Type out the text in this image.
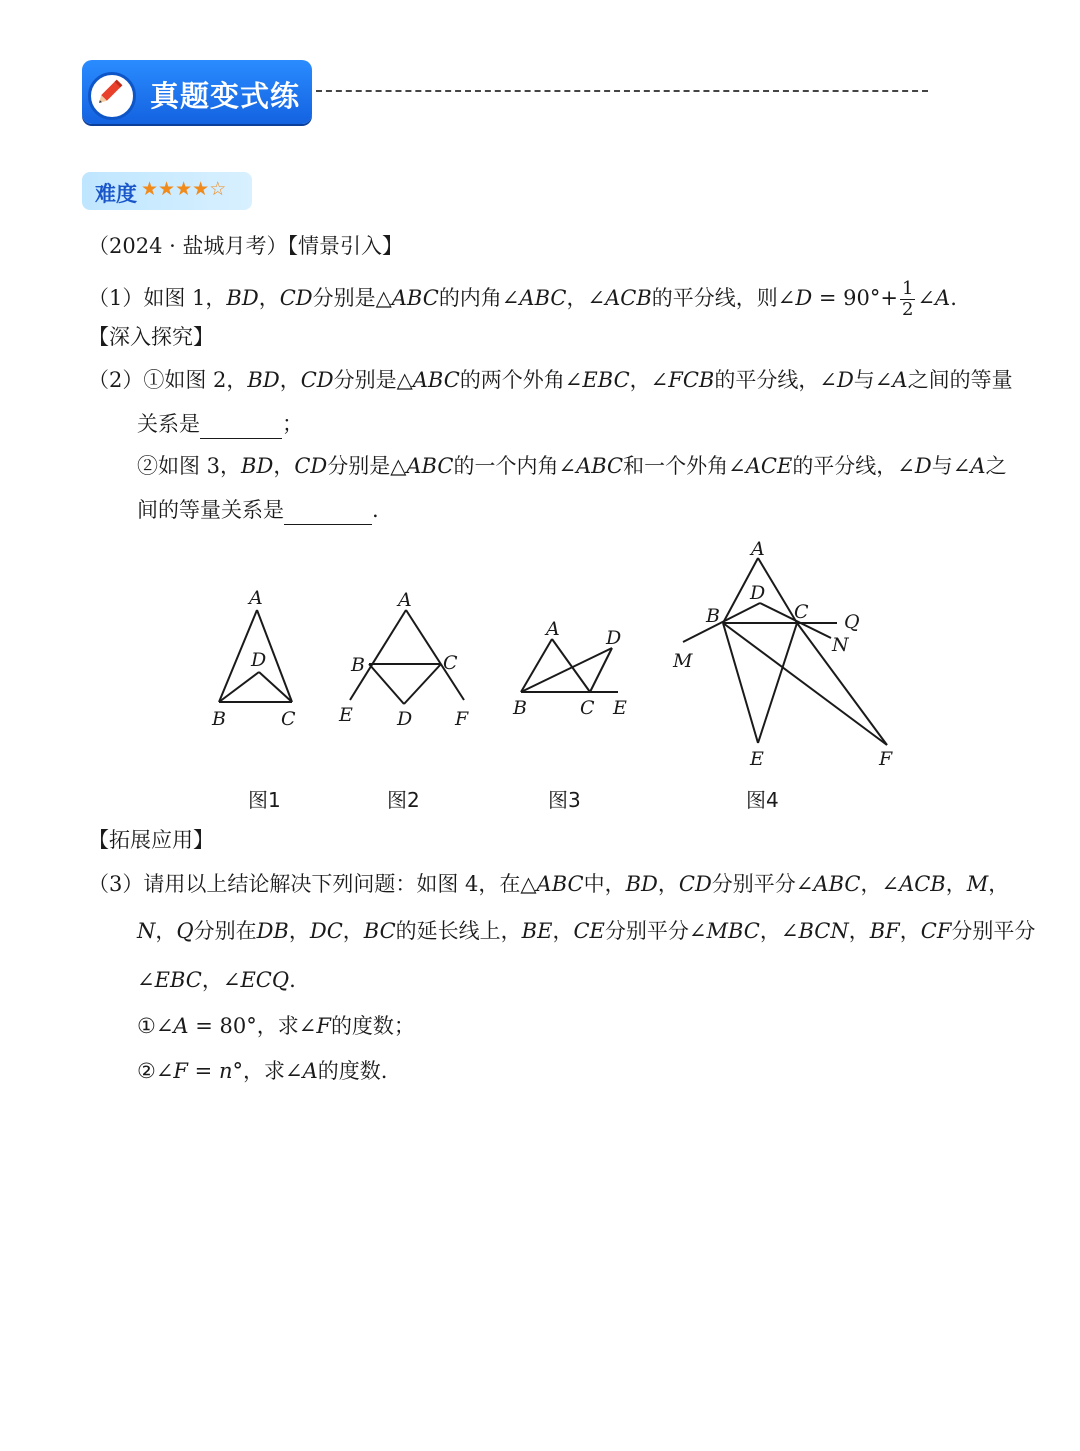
真题变式练
难度 ★★★★☆
（2024 · 盐城月考）【情景引入】
（1）如图 1，BD，CD分别是△ABC的内角∠ABC，∠ACB的平分线，则∠D = $90^\circ+ \frac{1}{2}$ ∠A.
【深入探究】
（2）①如图 2，BD，CD分别是△ABC的两个外角∠EBC，∠FCB的平分线，∠D与∠A之间的等量
关系是	；
②如图 3，BD，CD分别是△ABC的一个内角∠ABC和一个外角∠ACE的平分线，∠D与∠A之
间的等量关系是	.
A
D
B	C
A
B	C
E D F
A D
B	C E
A
D
B	C Q
N
M
E	F
图1	图2	图3	图4
【拓展应用】
（3）请用以上结论解决下列问题：如图 4，在△ABC中，BD，CD分别平分∠ABC，∠ACB，M，
N，Q分别在DB，DC，BC的延长线上，BE，CE分别平分∠MBC，∠BCN，BF，CF分别平分
∠EBC，∠ECQ.
①∠A = 80°，求∠F的度数；
②∠F = n°，求∠A的度数.
